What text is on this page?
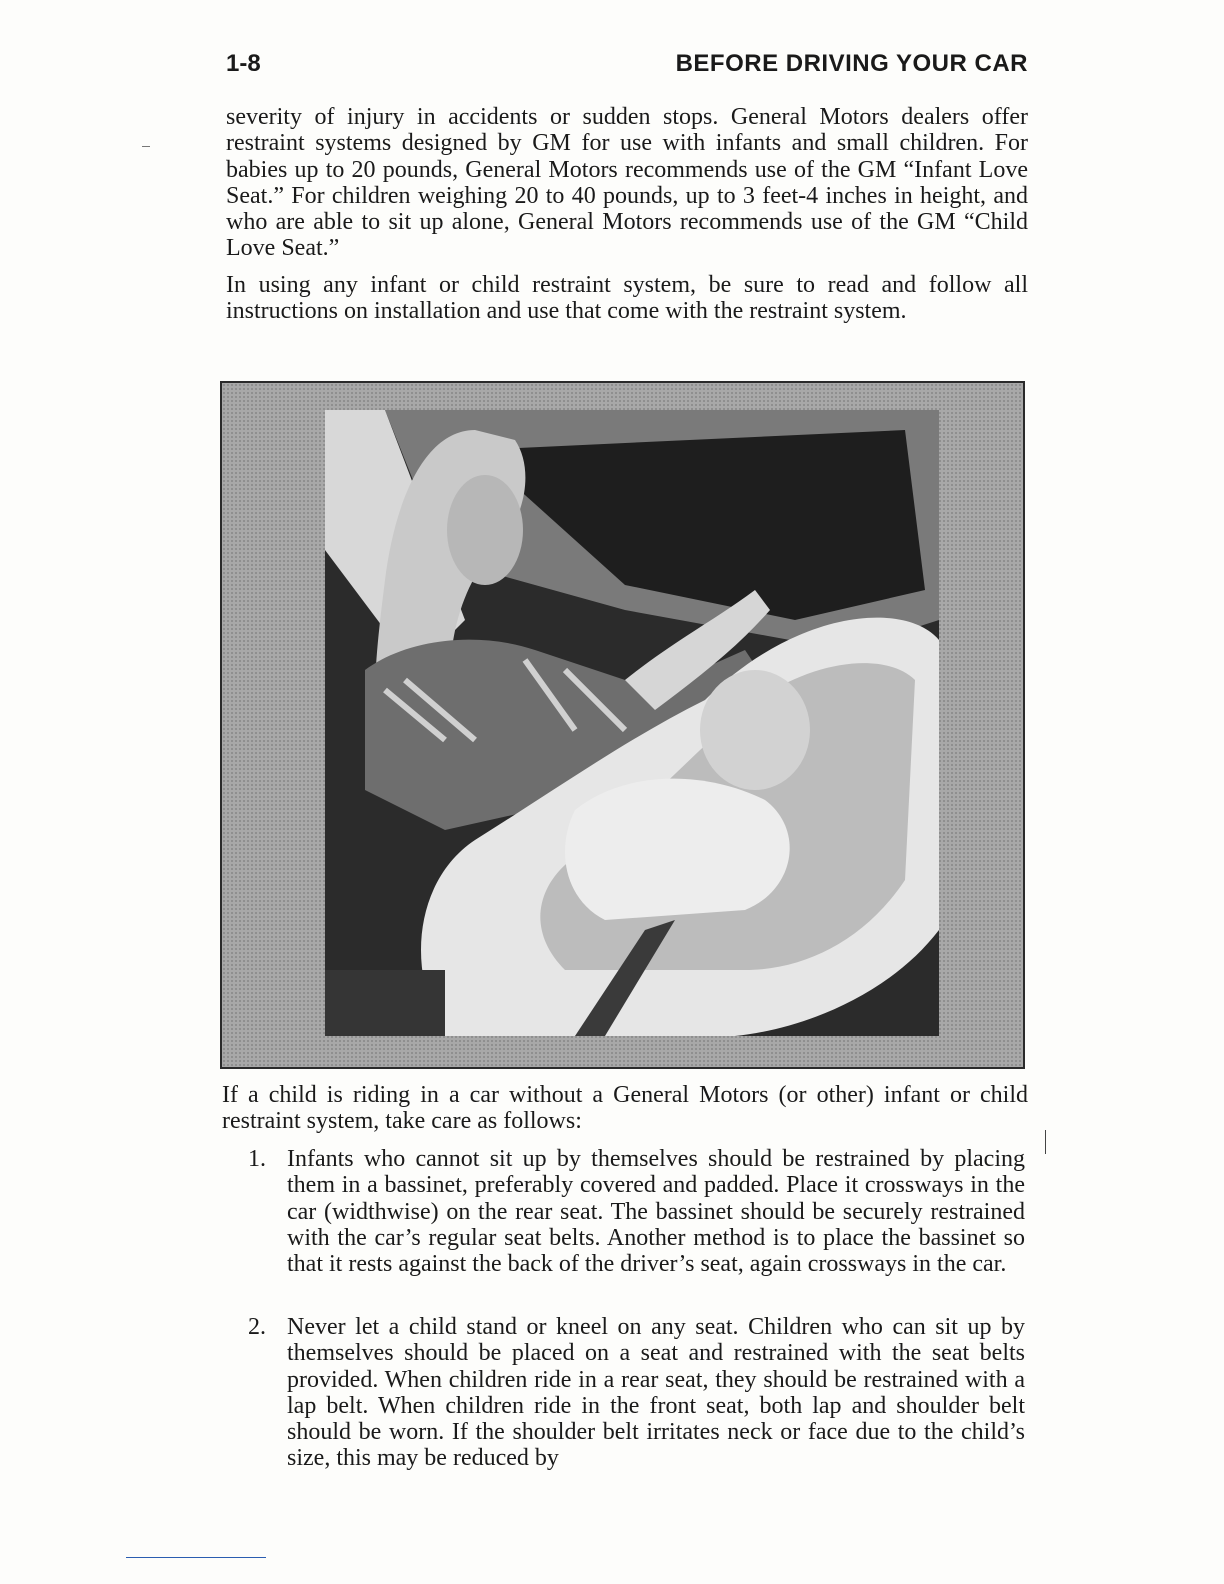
1-8	BEFORE DRIVING YOUR CAR
severity of injury in accidents or sudden stops. General Motors dealers offer restraint systems designed by GM for use with infants and small children. For babies up to 20 pounds, General Motors recommends use of the GM “Infant Love Seat.” For children weighing 20 to 40 pounds, up to 3 feet-4 inches in height, and who are able to sit up alone, General Motors recommends use of the GM “Child Love Seat.”
In using any infant or child restraint system, be sure to read and follow all instructions on installation and use that come with the restraint system.
If a child is riding in a car without a General Motors (or other) infant or child restraint system, take care as follows:
1. Infants who cannot sit up by themselves should be restrained by placing them in a bassinet, preferably covered and padded. Place it crossways in the car (widthwise) on the rear seat. The bassinet should be securely restrained with the car’s regular seat belts. Another method is to place the bassinet so that it rests against the back of the driver’s seat, again crossways in the car.
2. Never let a child stand or kneel on any seat. Children who can sit up by themselves should be placed on a seat and restrained with the seat belts provided. When children ride in a rear seat, they should be restrained with a lap belt. When children ride in the front seat, both lap and shoulder belt should be worn. If the shoulder belt irritates neck or face due to the child’s size, this may be reduced by
